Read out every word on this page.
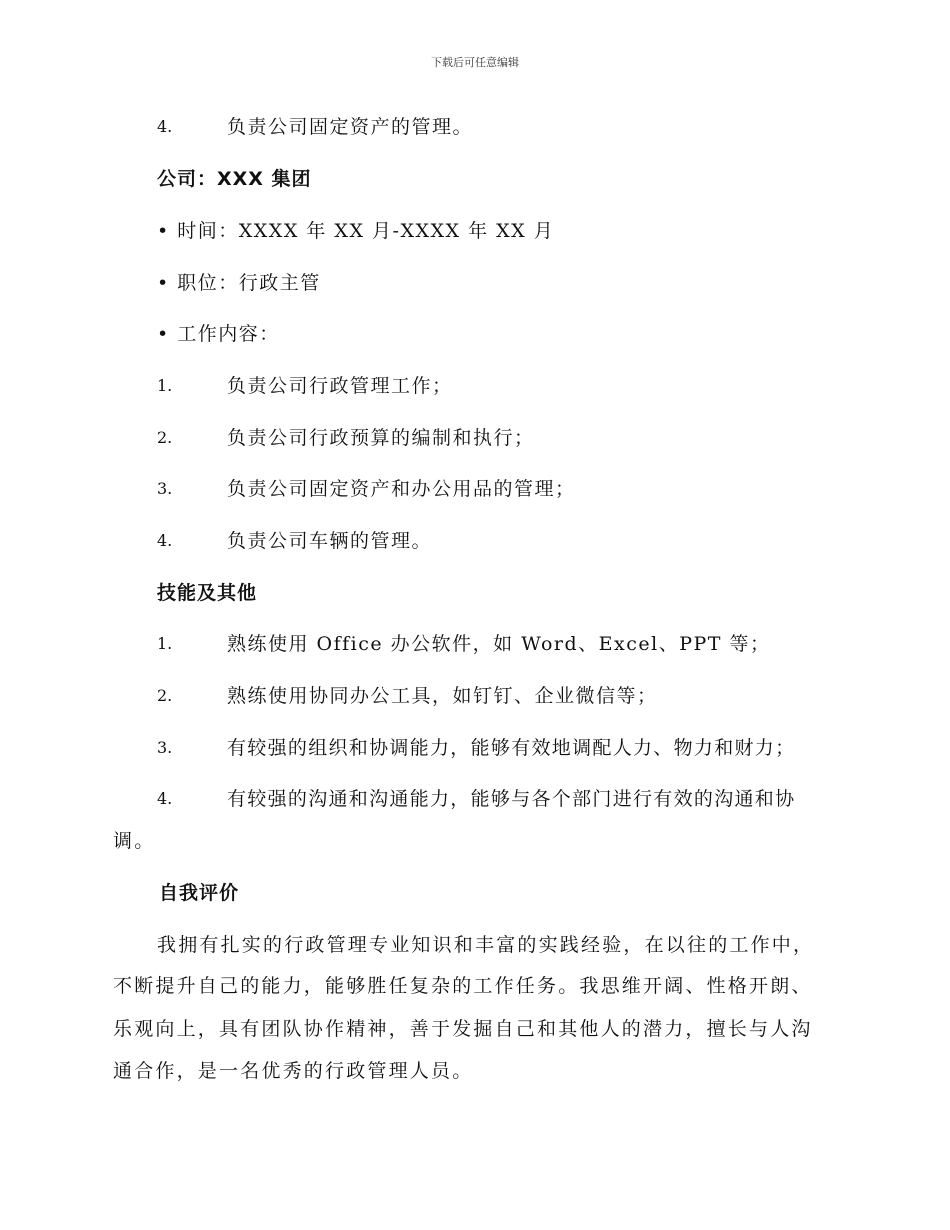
下载后可任意编辑
4.	负责公司固定资产的管理。
公司：XXX 集团
• 时间：XXXX 年 XX 月-XXXX 年 XX 月
• 职位：行政主管
• 工作内容：
1.	负责公司行政管理工作；
2.	负责公司行政预算的编制和执行；
3.	负责公司固定资产和办公用品的管理；
4.	负责公司车辆的管理。
技能及其他
1.	熟练使用 Office 办公软件，如 Word、Excel、PPT 等；
2.	熟练使用协同办公工具，如钉钉、企业微信等；
3.	有较强的组织和协调能力，能够有效地调配人力、物力和财力；
4.	有较强的沟通和沟通能力，能够与各个部门进行有效的沟通和协
调。
自我评价
我拥有扎实的行政管理专业知识和丰富的实践经验，在以往的工作中，
不断提升自己的能力，能够胜任复杂的工作任务。我思维开阔、性格开朗、
乐观向上，具有团队协作精神，善于发掘自己和其他人的潜力，擅长与人沟
通合作，是一名优秀的行政管理人员。
